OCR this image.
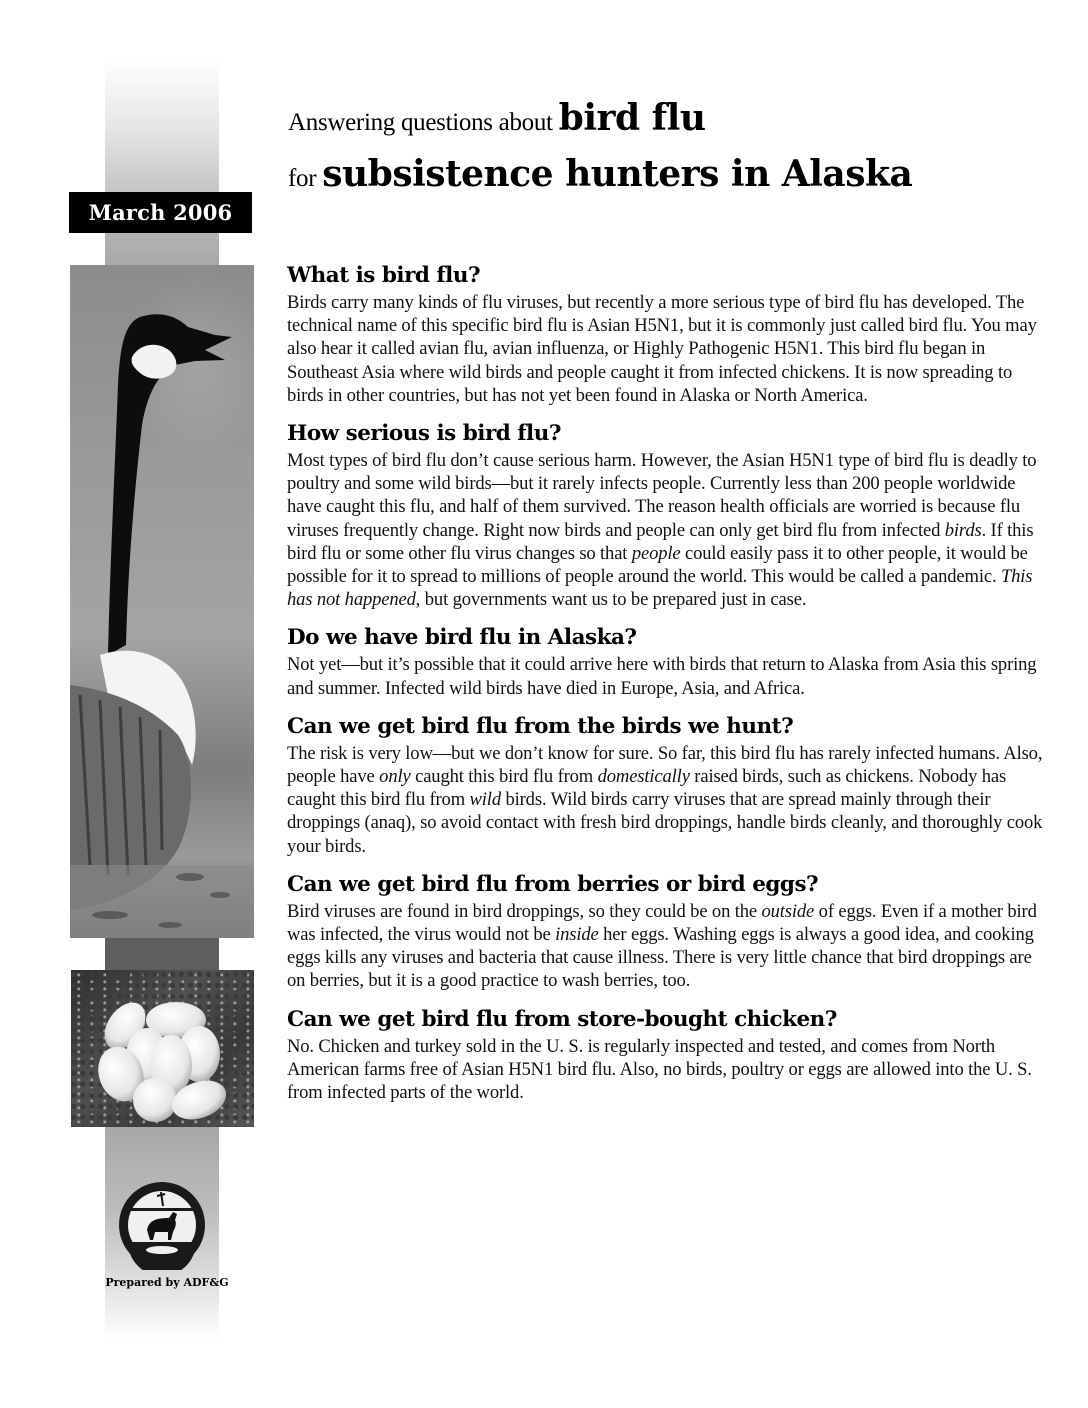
March 2006
Prepared by ADF&G
Answering questions about bird flu
for subsistence hunters in Alaska
What is bird flu?

Birds carry many kinds of flu viruses, but recently a more serious type of bird flu has developed. The technical name of this specific bird flu is Asian H5N1, but it is commonly just called bird flu. You may also hear it called avian flu, avian influenza, or Highly Pathogenic H5N1. This bird flu began in Southeast Asia where wild birds and people caught it from infected chickens. It is now spreading to birds in other countries, but has not yet been found in Alaska or North America.

How serious is bird flu?

Most types of bird flu don’t cause serious harm. However, the Asian H5N1 type of bird flu is deadly to poultry and some wild birds—but it rarely infects people. Currently less than 200 people worldwide have caught this flu, and half of them survived. The reason health officials are worried is because flu viruses frequently change. Right now birds and people can only get bird flu from infected birds. If this bird flu or some other flu virus changes so that people could easily pass it to other people, it would be possible for it to spread to millions of people around the world. This would be called a pandemic. This has not happened, but governments want us to be prepared just in case.

Do we have bird flu in Alaska?

Not yet—but it’s possible that it could arrive here with birds that return to Alaska from Asia this spring and summer. Infected wild birds have died in Europe, Asia, and Africa.

Can we get bird flu from the birds we hunt?

The risk is very low—but we don’t know for sure. So far, this bird flu has rarely infected humans. Also, people have only caught this bird flu from domestically raised birds, such as chickens. Nobody has caught this bird flu from wild birds. Wild birds carry viruses that are spread mainly through their droppings (anaq), so avoid contact with fresh bird droppings, handle birds cleanly, and thoroughly cook your birds.

Can we get bird flu from berries or bird eggs?

Bird viruses are found in bird droppings, so they could be on the outside of eggs. Even if a mother bird was infected, the virus would not be inside her eggs. Washing eggs is always a good idea, and cooking eggs kills any viruses and bacteria that cause illness. There is very little chance that bird droppings are on berries, but it is a good practice to wash berries, too.

Can we get bird flu from store-bought chicken?

No. Chicken and turkey sold in the U. S. is regularly inspected and tested, and comes from North American farms free of Asian H5N1 bird flu. Also, no birds, poultry or eggs are allowed into the U. S. from infected parts of the world.
